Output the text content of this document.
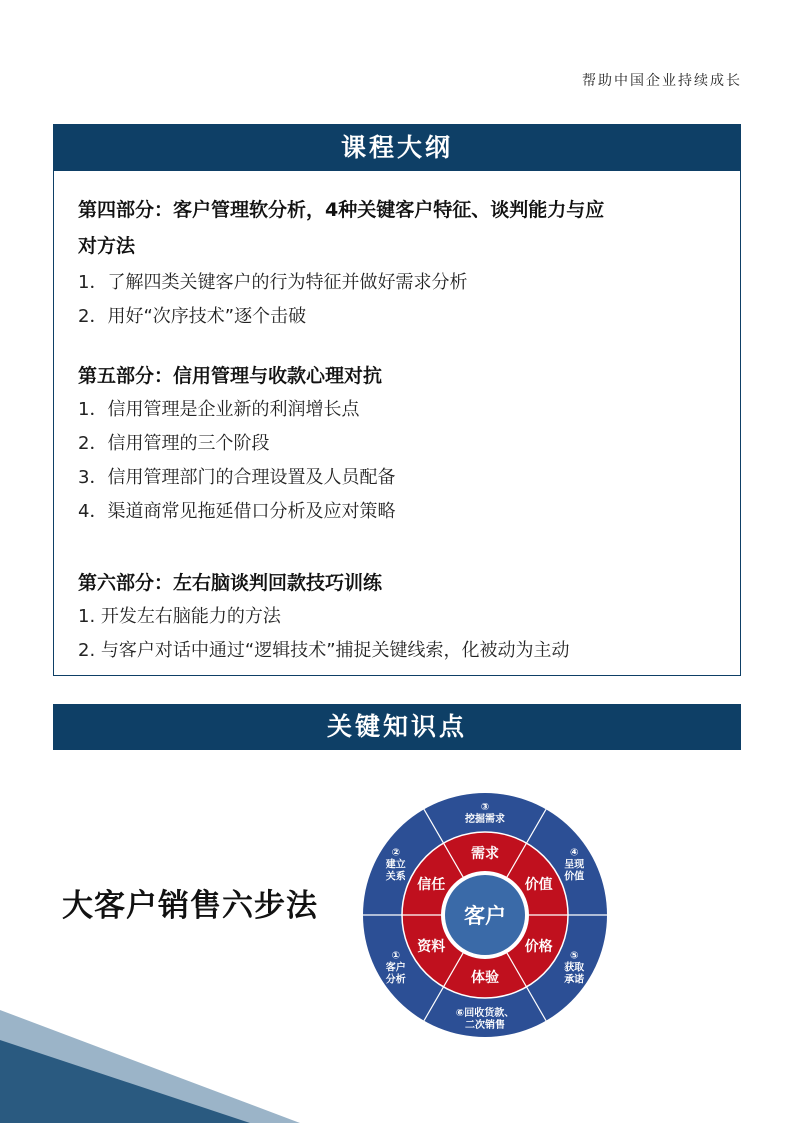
帮助中国企业持续成长
课程大纲
第四部分：客户管理软分析，4种关键客户特征、谈判能力与应
对方法
1．了解四类关键客户的行为特征并做好需求分析
2．用好“次序技术”逐个击破
第五部分：信用管理与收款心理对抗
1．信用管理是企业新的利润增长点
2．信用管理的三个阶段
3．信用管理部门的合理设置及人员配备
4．渠道商常见拖延借口分析及应对策略
第六部分：左右脑谈判回款技巧训练
1. 开发左右脑能力的方法
2. 与客户对话中通过“逻辑技术”捕捉关键线索，化被动为主动
关键知识点
大客户销售六步法	客户
需求
价值
价格
体验
资料
信任
③
挖掘需求
④
呈现
价值
⑤
获取
承诺
⑥回收货款、
二次销售
①
客户
分析
②
建立
关系
